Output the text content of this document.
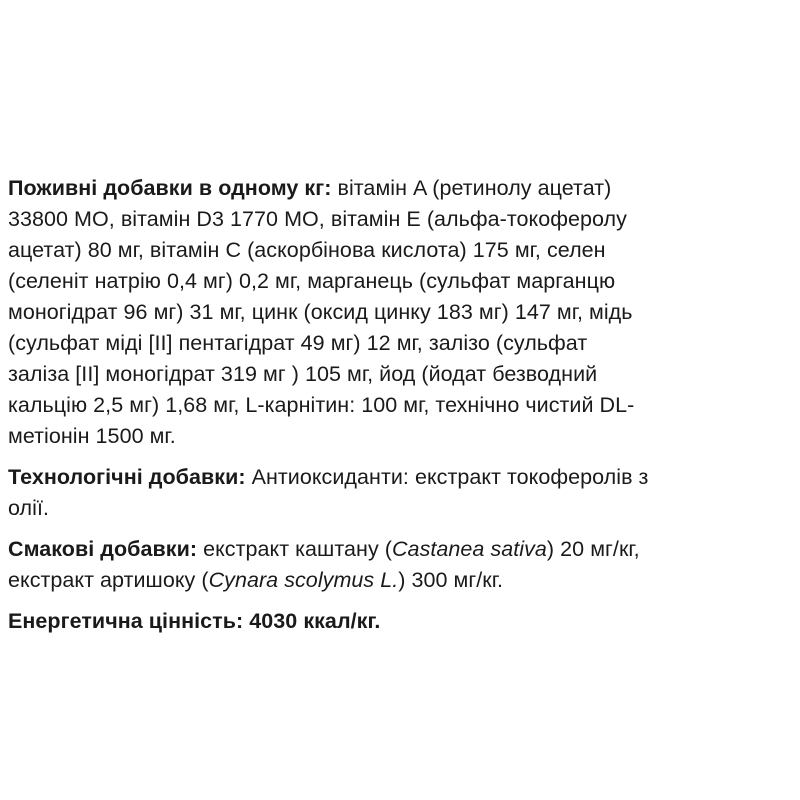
Поживні добавки в одному кг: вітамін A (ретинолу ацетат)
33800 МО, вітамін D3 1770 МО, вітамін E (альфа-токоферолу
ацетат) 80 мг, вітамін C (аскорбінова кислота) 175 мг, селен
(селеніт натрію 0,4 мг) 0,2 мг, марганець (сульфат марганцю
моногідрат 96 мг) 31 мг, цинк (оксид цинку 183 мг) 147 мг, мідь
(сульфат міді [II] пентагідрат 49 мг) 12 мг, залізо (сульфат
заліза [II] моногідрат 319 мг ) 105 мг, йод (йодат безводний
кальцію 2,5 мг) 1,68 мг, L-карнітин: 100 мг, технічно чистий DL-
метіонін 1500 мг.

Технологічні добавки: Антиоксиданти: екстракт токоферолів з
олії.

Смакові добавки: екстракт каштану (Castanea sativa) 20 мг/кг,
екстракт артишоку (Cynara scolymus L.) 300 мг/кг.

Енергетична цінність: 4030 ккал/кг.
